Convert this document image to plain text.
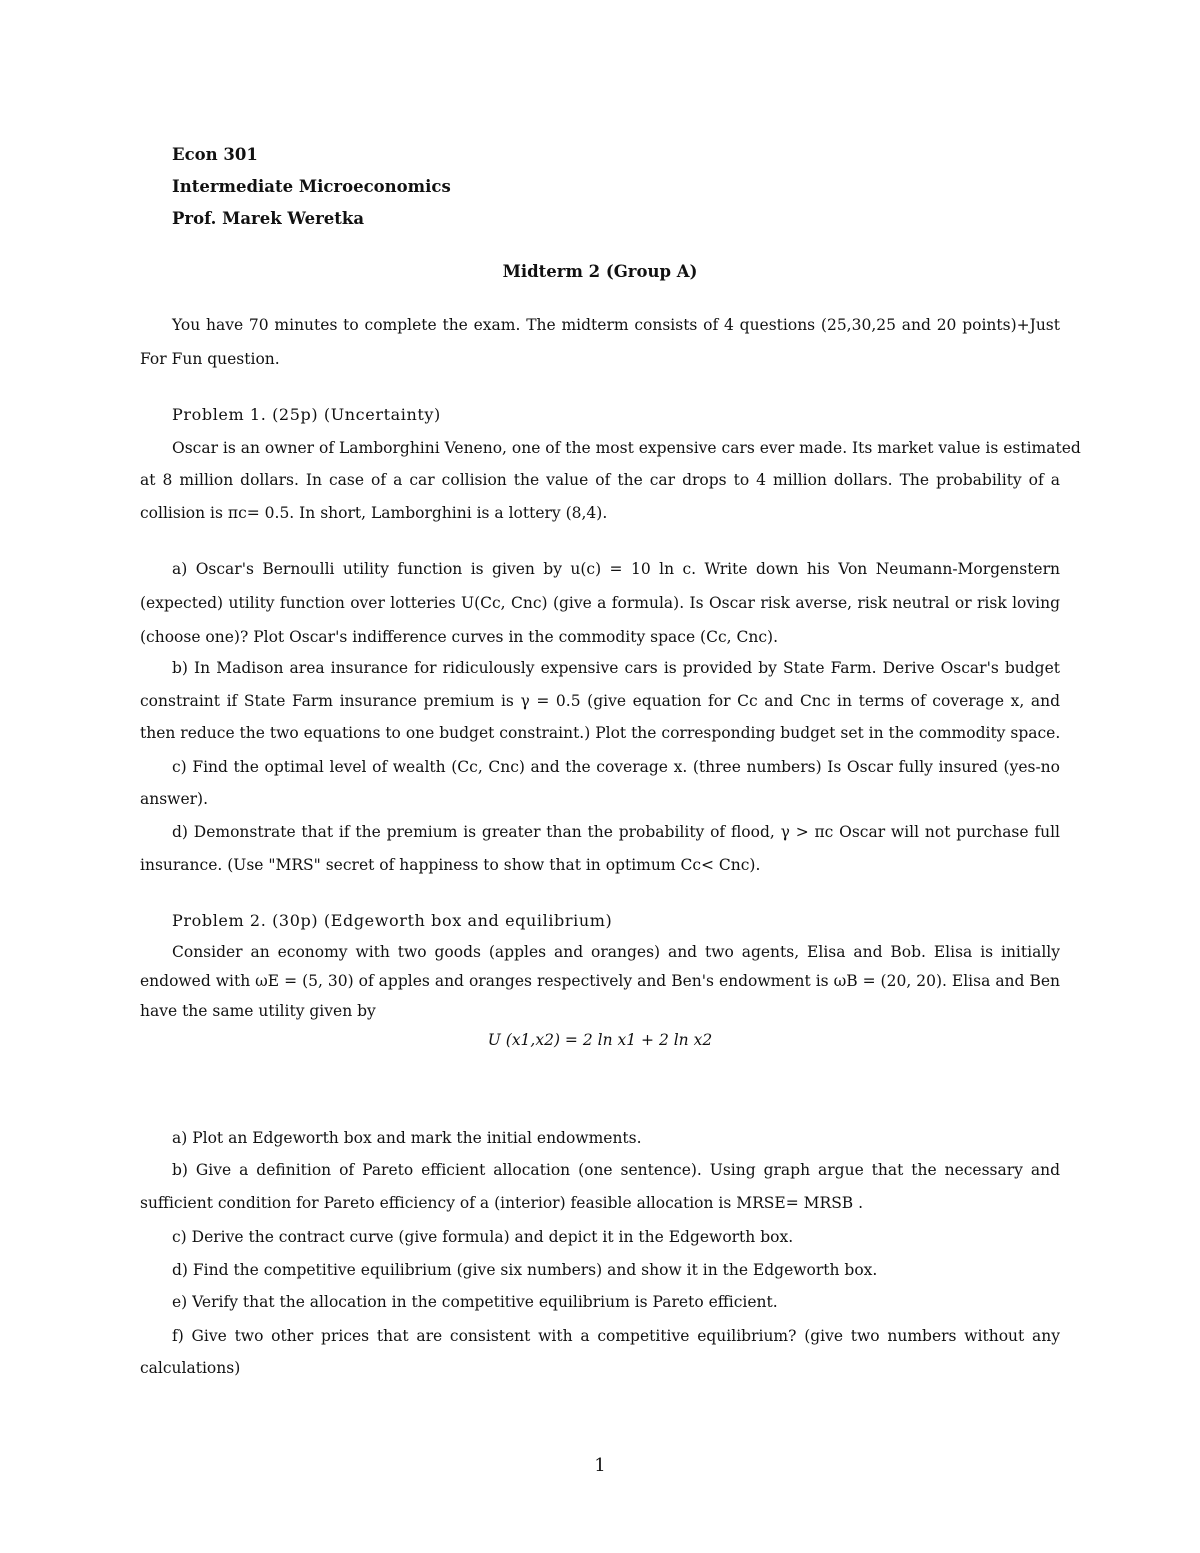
Econ 301
Intermediate Microeconomics
Prof. Marek Weretka
Midterm 2 (Group A)
You have 70 minutes to complete the exam. The midterm consists of 4 questions (25,30,25 and 20 points)+Just
For Fun question.
Problem 1. (25p) (Uncertainty)
Oscar is an owner of Lamborghini Veneno, one of the most expensive cars ever made. Its market value is estimated
at 8 million dollars. In case of a car collision the value of the car drops to 4 million dollars. The probability of a
collision is πc= 0.5. In short, Lamborghini is a lottery (8,4).
a) Oscar's Bernoulli utility function is given by u(c) = 10 ln c. Write down his Von Neumann-Morgenstern
(expected) utility function over lotteries U(Cc, Cnc) (give a formula). Is Oscar risk averse, risk neutral or risk loving
(choose one)? Plot Oscar's indifference curves in the commodity space (Cc, Cnc).
b) In Madison area insurance for ridiculously expensive cars is provided by State Farm. Derive Oscar's budget
constraint if State Farm insurance premium is γ = 0.5 (give equation for Cc and Cnc in terms of coverage x, and
then reduce the two equations to one budget constraint.) Plot the corresponding budget set in the commodity space.
c) Find the optimal level of wealth (Cc, Cnc) and the coverage x. (three numbers) Is Oscar fully insured (yes-no
answer).
d) Demonstrate that if the premium is greater than the probability of flood, γ > πc Oscar will not purchase full
insurance. (Use "MRS" secret of happiness to show that in optimum Cc< Cnc).
Problem 2. (30p) (Edgeworth box and equilibrium)
Consider an economy with two goods (apples and oranges) and two agents, Elisa and Bob. Elisa is initially
endowed with ωE = (5, 30) of apples and oranges respectively and Ben's endowment is ωB = (20, 20). Elisa and Ben
have the same utility given by
U (x1,x2) = 2 ln x1 + 2 ln x2
a) Plot an Edgeworth box and mark the initial endowments.
b) Give a definition of Pareto efficient allocation (one sentence). Using graph argue that the necessary and
sufficient condition for Pareto efficiency of a (interior) feasible allocation is MRSE= MRSB .
c) Derive the contract curve (give formula) and depict it in the Edgeworth box.
d) Find the competitive equilibrium (give six numbers) and show it in the Edgeworth box.
e) Verify that the allocation in the competitive equilibrium is Pareto efficient.
f) Give two other prices that are consistent with a competitive equilibrium? (give two numbers without any
calculations)
1
